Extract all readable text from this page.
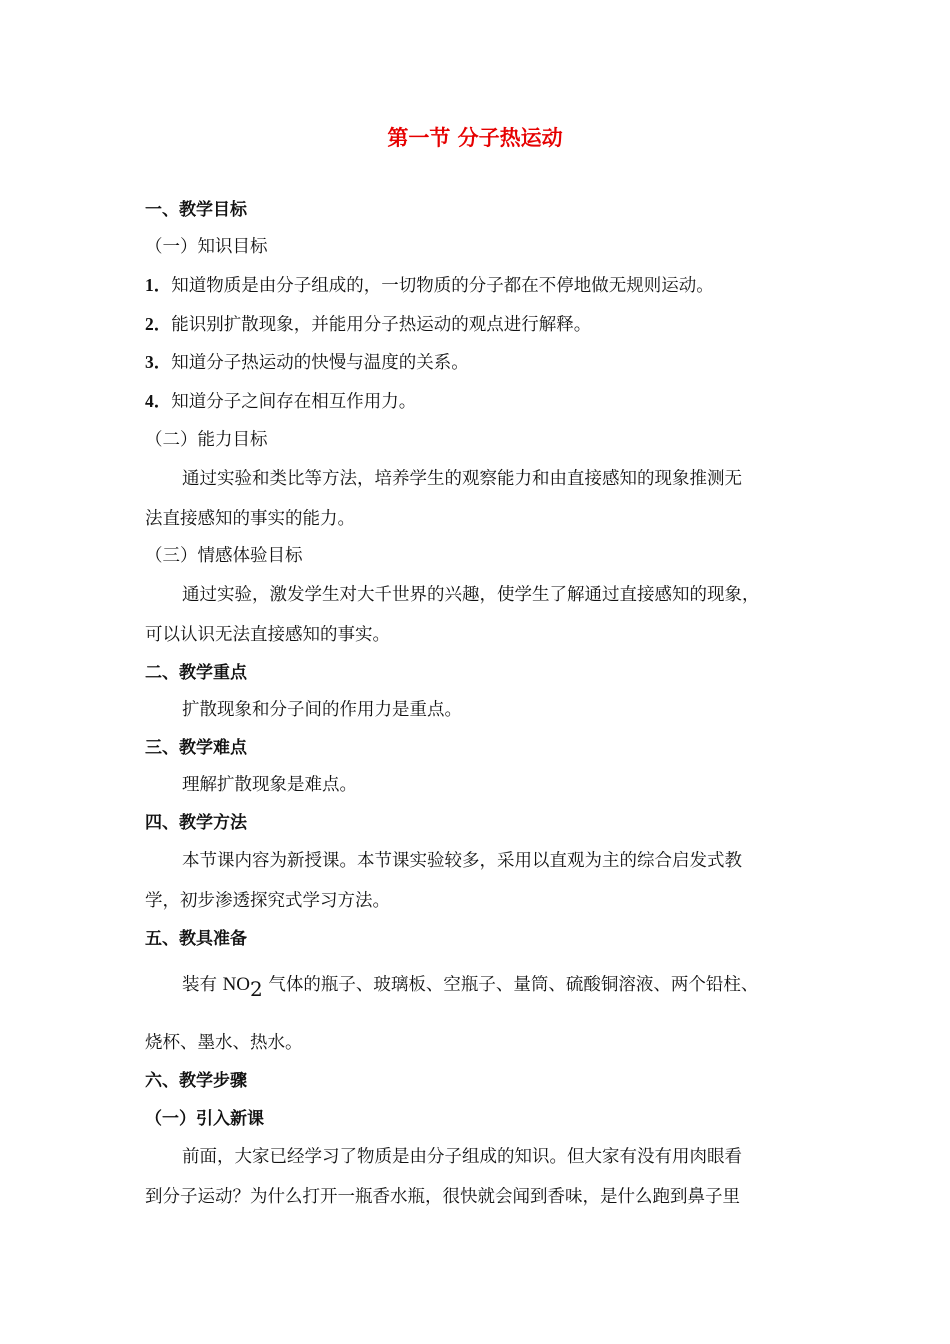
第一节 分子热运动
一、教学目标
（一）知识目标
1．知道物质是由分子组成的，一切物质的分子都在不停地做无规则运动。
2．能识别扩散现象，并能用分子热运动的观点进行解释。
3．知道分子热运动的快慢与温度的关系。
4．知道分子之间存在相互作用力。
（二）能力目标
通过实验和类比等方法，培养学生的观察能力和由直接感知的现象推测无
法直接感知的事实的能力。
（三）情感体验目标
通过实验，激发学生对大千世界的兴趣，使学生了解通过直接感知的现象，
可以认识无法直接感知的事实。
二、教学重点
扩散现象和分子间的作用力是重点。
三、教学难点
理解扩散现象是难点。
四、教学方法
本节课内容为新授课。本节课实验较多，采用以直观为主的综合启发式教
学，初步渗透探究式学习方法。
五、教具准备
装有 $NO_2$ 气体的瓶子、玻璃板、空瓶子、量筒、硫酸铜溶液、两个铅柱、
烧杯、墨水、热水。
六、教学步骤
（一）引入新课
前面，大家已经学习了物质是由分子组成的知识。但大家有没有用肉眼看
到分子运动？为什么打开一瓶香水瓶，很快就会闻到香味，是什么跑到鼻子里
